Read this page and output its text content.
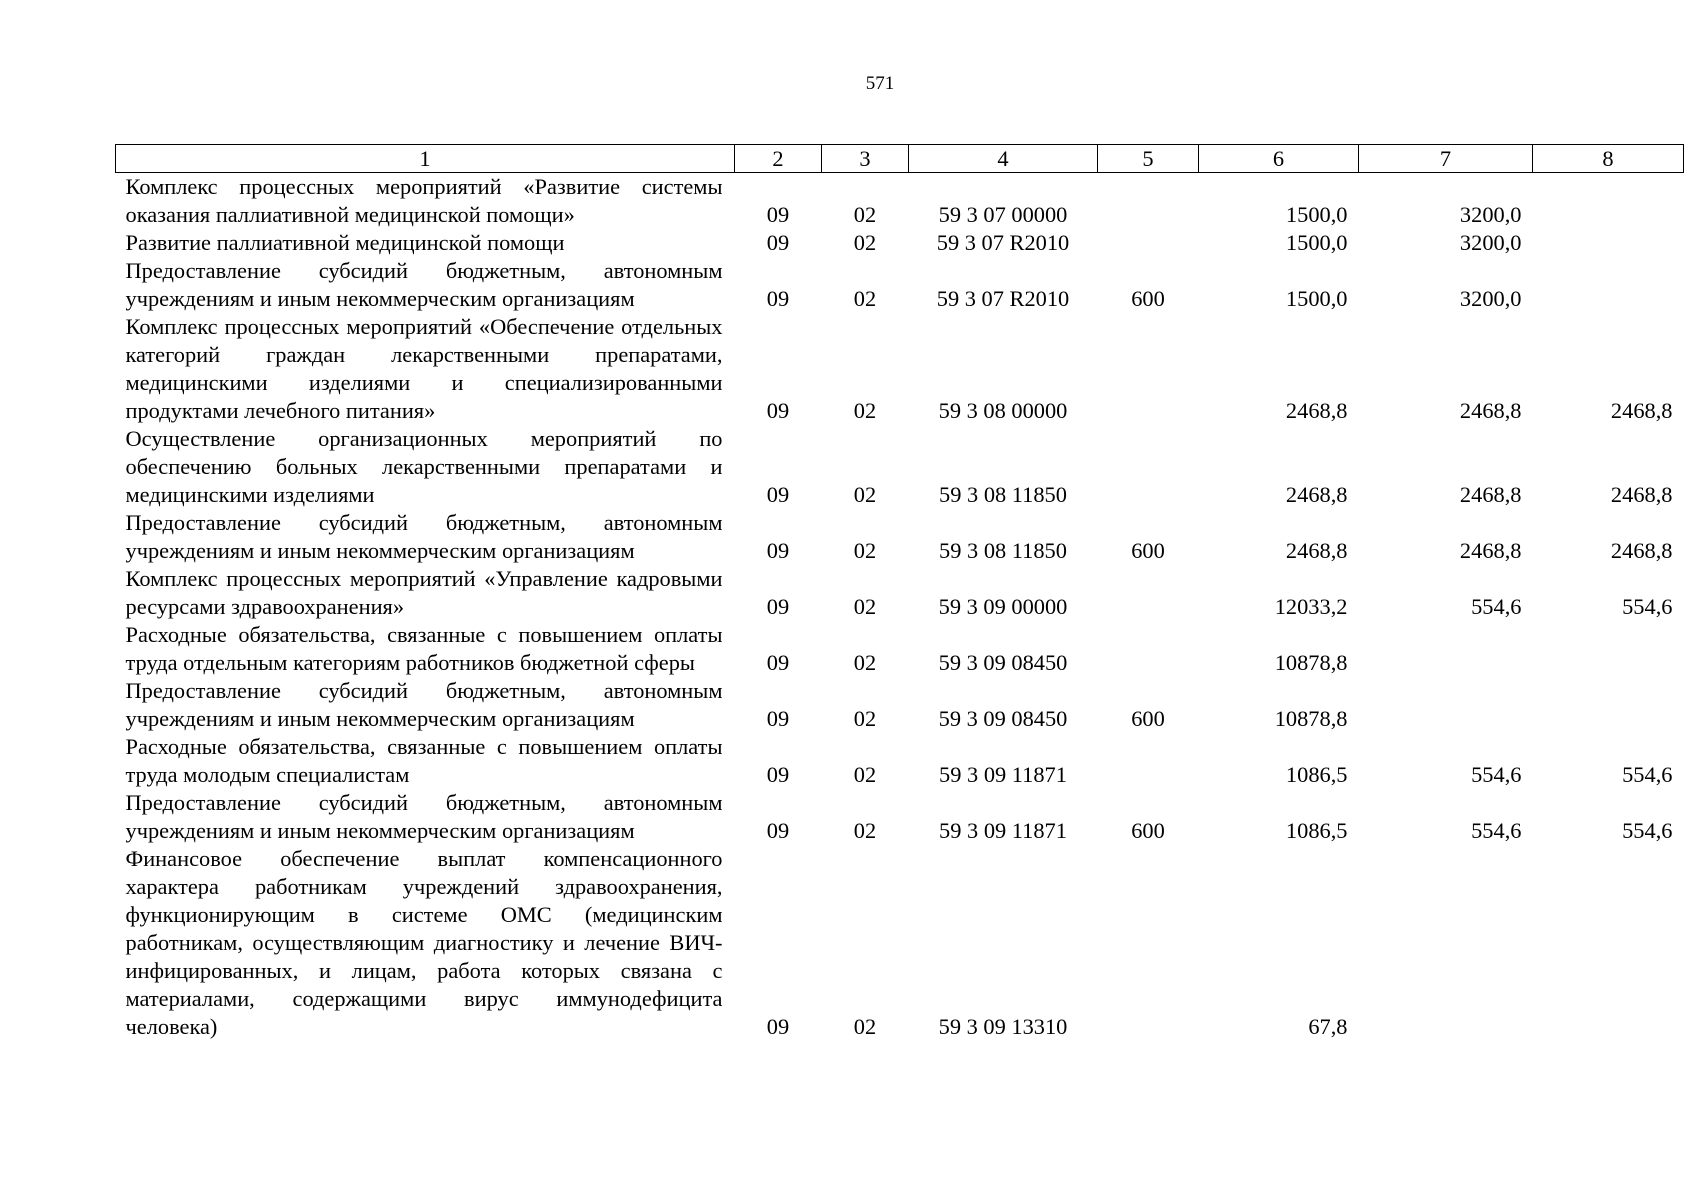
571
1	2	3	4	5	6	7	8
Комплекс процессных мероприятий «Развитие системы оказания паллиативной медицинской помощи»	09	02	59 3 07 00000		1500,0	3200,0	
Развитие паллиативной медицинской помощи	09	02	59 3 07 R2010		1500,0	3200,0	
Предоставление субсидий бюджетным, автономным учреждениям и иным некоммерческим организациям	09	02	59 3 07 R2010	600	1500,0	3200,0	
Комплекс процессных мероприятий «Обеспечение отдельных категорий граждан лекарственными препаратами, медицинскими изделиями и специализированными продуктами лечебного питания»	09	02	59 3 08 00000		2468,8	2468,8	2468,8
Осуществление организационных мероприятий по обеспечению больных лекарственными препаратами и медицинскими изделиями	09	02	59 3 08 11850		2468,8	2468,8	2468,8
Предоставление субсидий бюджетным, автономным учреждениям и иным некоммерческим организациям	09	02	59 3 08 11850	600	2468,8	2468,8	2468,8
Комплекс процессных мероприятий «Управление кадровыми ресурсами здравоохранения»	09	02	59 3 09 00000		12033,2	554,6	554,6
Расходные обязательства, связанные с повышением оплаты труда отдельным категориям работников бюджетной сферы	09	02	59 3 09 08450		10878,8		
Предоставление субсидий бюджетным, автономным учреждениям и иным некоммерческим организациям	09	02	59 3 09 08450	600	10878,8		
Расходные обязательства, связанные с повышением оплаты труда молодым специалистам	09	02	59 3 09 11871		1086,5	554,6	554,6
Предоставление субсидий бюджетным, автономным учреждениям и иным некоммерческим организациям	09	02	59 3 09 11871	600	1086,5	554,6	554,6
Финансовое обеспечение выплат компенсационного характера работникам учреждений здравоохранения, функционирующим в системе ОМС (медицинским работникам, осуществляющим диагностику и лечение ВИЧ-инфицированных, и лицам, работа которых связана с материалами, содержащими вирус иммунодефицита человека)	09	02	59 3 09 13310		67,8		
